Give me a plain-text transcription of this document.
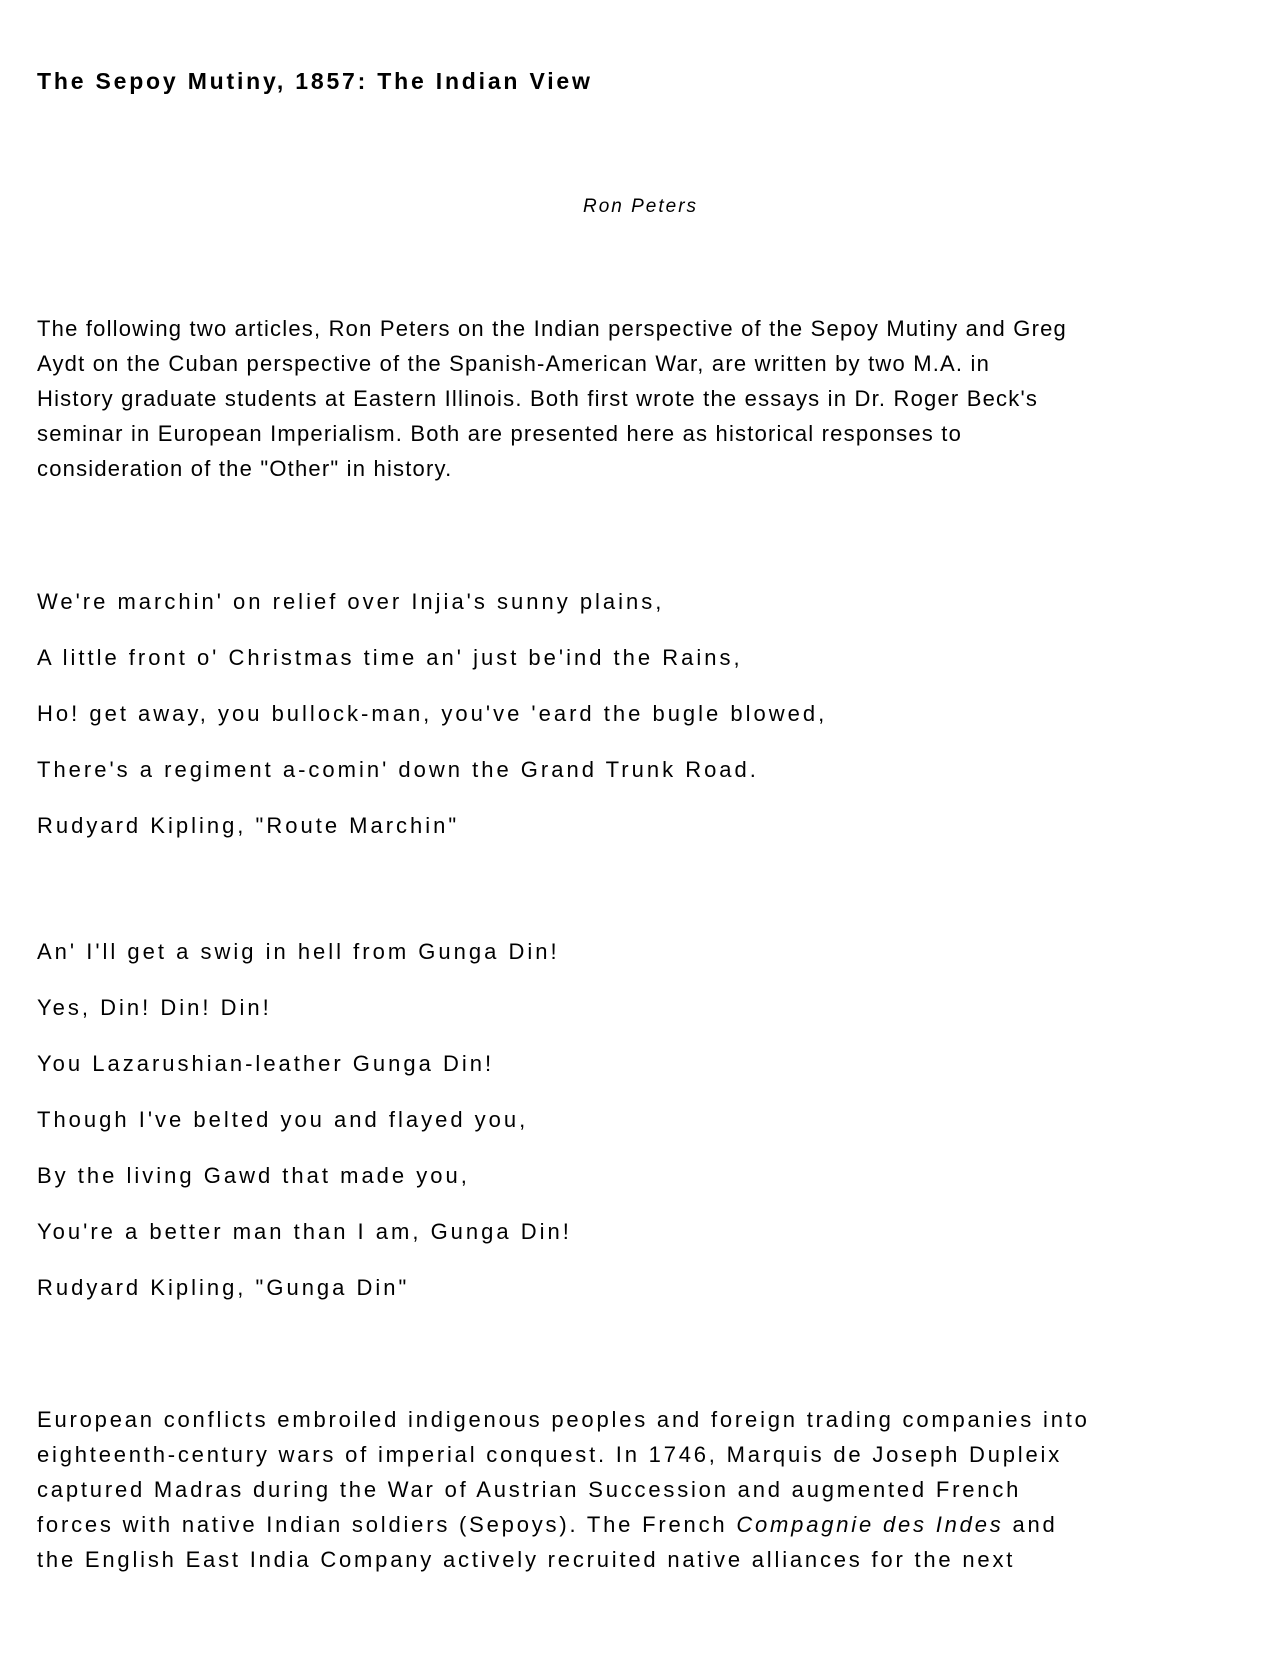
The Sepoy Mutiny, 1857: The Indian View
Ron Peters
The following two articles, Ron Peters on the Indian perspective of the Sepoy Mutiny and Greg
Aydt on the Cuban perspective of the Spanish-American War, are written by two M.A. in
History graduate students at Eastern Illinois. Both first wrote the essays in Dr. Roger Beck's
seminar in European Imperialism. Both are presented here as historical responses to
consideration of the "Other" in history.
We're marchin' on relief over Injia's sunny plains,
A little front o' Christmas time an' just be'ind the Rains,
Ho! get away, you bullock-man, you've 'eard the bugle blowed,
There's a regiment a-comin' down the Grand Trunk Road.
Rudyard Kipling, "Route Marchin"
An' I'll get a swig in hell from Gunga Din!
Yes, Din! Din! Din!
You Lazarushian-leather Gunga Din!
Though I've belted you and flayed you,
By the living Gawd that made you,
You're a better man than I am, Gunga Din!
Rudyard Kipling, "Gunga Din"
European conflicts embroiled indigenous peoples and foreign trading companies into
eighteenth-century wars of imperial conquest. In 1746, Marquis de Joseph Dupleix
captured Madras during the War of Austrian Succession and augmented French
forces with native Indian soldiers (Sepoys). The French Compagnie des Indes and
the English East India Company actively recruited native alliances for the next
